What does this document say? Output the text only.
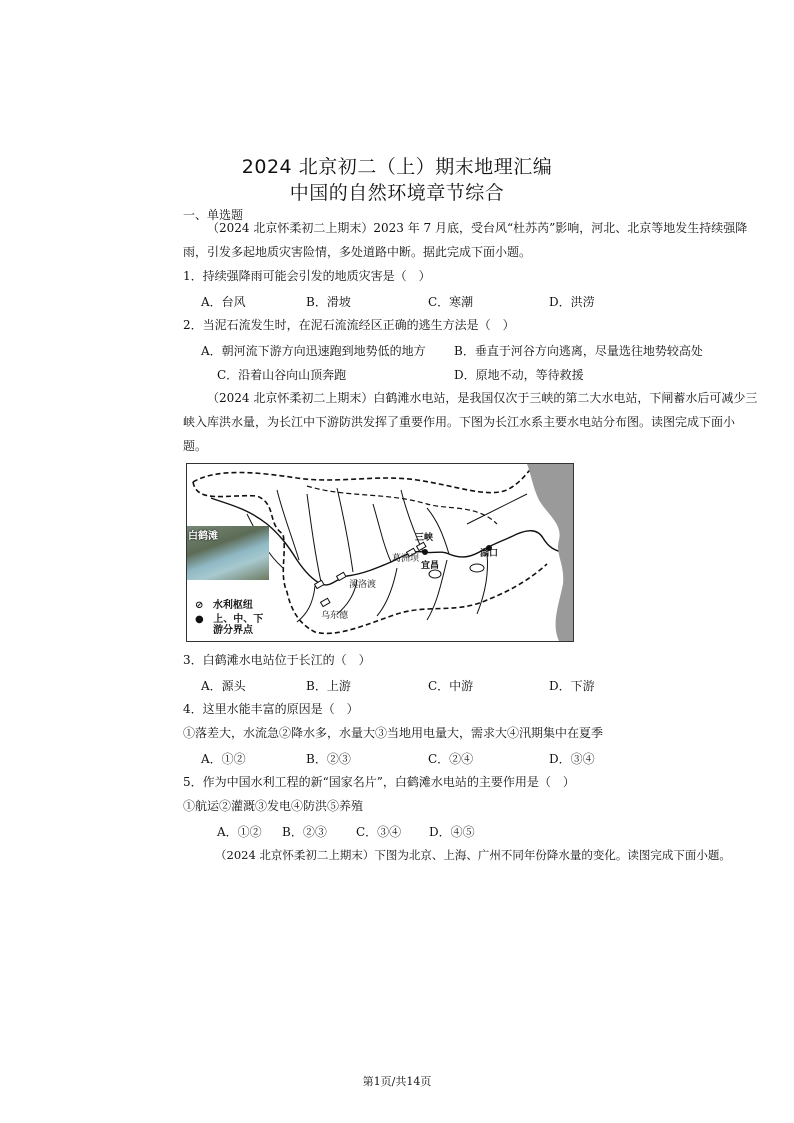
2024 北京初二（上）期末地理汇编
中国的自然环境章节综合
一、单选题
（2024 北京怀柔初二上期末）2023 年 7 月底，受台风“杜苏芮”影响，河北、北京等地发生持续强降雨，引发多起地质灾害险情，多处道路中断。据此完成下面小题。
1．持续强降雨可能会引发的地质灾害是（　）
A．台风	B．滑坡	C．寒潮	D．洪涝
2．当泥石流发生时，在泥石流流经区正确的逃生方法是（　）
A．朝河流下游方向迅速跑到地势低的地方 B．垂直于河谷方向逃离，尽量选往地势较高处
C．沿着山谷向山顶奔跑	D．原地不动，等待救援
（2024 北京怀柔初二上期末）白鹤滩水电站，是我国仅次于三峡的第二大水电站，下闸蓄水后可减少三峡入库洪水量，为长江中下游防洪发挥了重要作用。下图为长江水系主要水电站分布图。读图完成下面小题。
白鹤滩	三峡
葛洲坝
宜昌
湖口
溪洛渡
乌东德
⊘ 水利枢纽
● 上、中、下
游分界点
3．白鹤滩水电站位于长江的（　）
A．源头	B．上游	C．中游	D．下游
4．这里水能丰富的原因是（　）
①落差大，水流急②降水多，水量大③当地用电量大，需求大④汛期集中在夏季
A．①②	B．②③	C．②④	D．③④
5．作为中国水利工程的新“国家名片”，白鹤滩水电站的主要作用是（　）
①航运②灌溉③发电④防洪⑤养殖
A．①② B．②③ C．③④ D．④⑤
（2024 北京怀柔初二上期末）下图为北京、上海、广州不同年份降水量的变化。读图完成下面小题。
第1页/共14页
